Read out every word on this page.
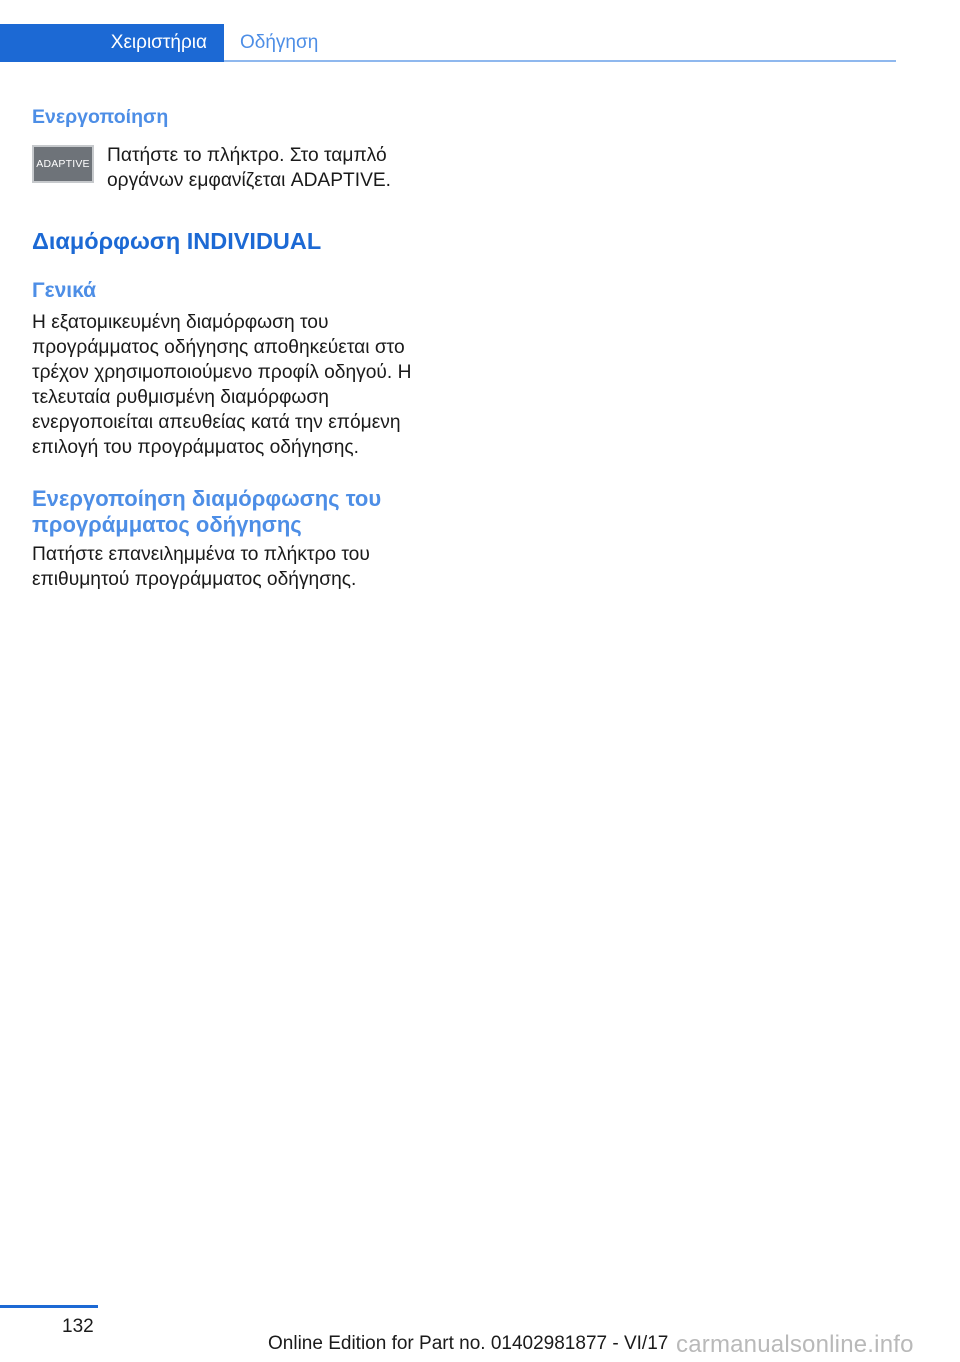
Χειριστήρια	Οδήγηση
Ενεργοποίηση
ADAPTIVE Πατήστε το πλήκτρο. Στο ταμπλό οργάνων εμφανίζεται ADAPTIVE.

Διαμόρφωση INDIVIDUAL
Γενικά

Η εξατομικευμένη διαμόρφωση του προγράμματος οδήγησης αποθηκεύεται στο τρέχον χρησιμοποιούμενο προφίλ οδηγού. Η τελευταία ρυθμισμένη διαμόρφωση ενεργοποιείται απευθείας κατά την επόμενη επιλογή του προγράμματος οδήγησης.

Ενεργοποίηση διαμόρφωσης του προγράμματος οδήγησης

Πατήστε επανειλημμένα το πλήκτρο του επιθυμητού προγράμματος οδήγησης.

132
Online Edition for Part no. 01402981877 - VI/17 carmanualsonline.info
